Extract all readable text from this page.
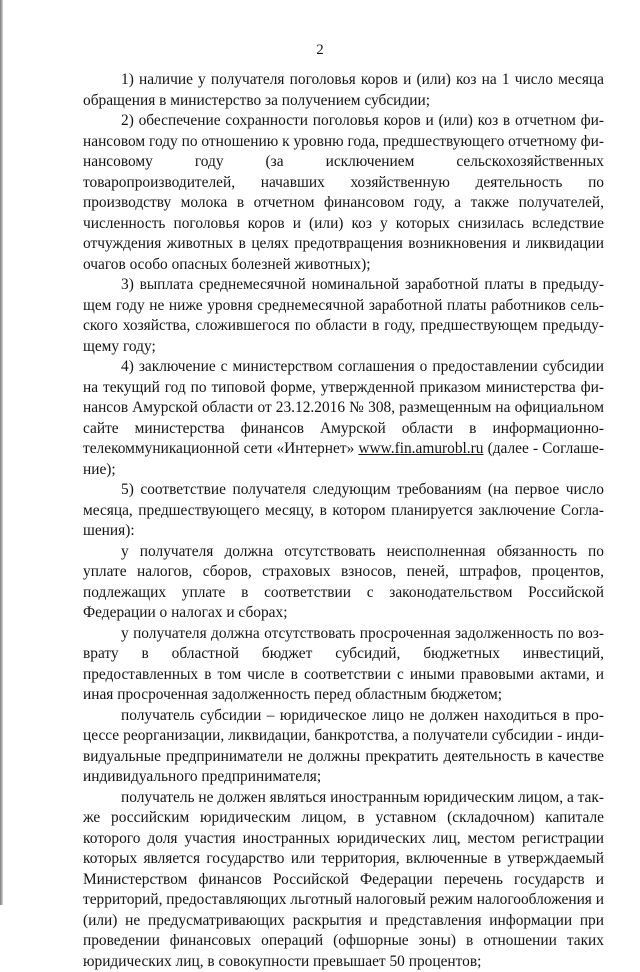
2

1) наличие у получателя поголовья коров и (или) коз на 1 число месяца обращения в министерство за получением субсидии;

2) обеспечение сохранности поголовья коров и (или) коз в отчетном финансовом году по отношению к уровню года, предшествующего отчетному финансовому году (за исключением сельскохозяйственных товаропроизводителей, начавших хозяйственную деятельность по производству молока в отчетном финансовом году, а также получателей, численность поголовья коров и (или) коз у которых снизилась вследствие отчуждения животных в целях предотвращения возникновения и ликвидации очагов особо опасных болезней животных);

3) выплата среднемесячной номинальной заработной платы в предыдущем году не ниже уровня среднемесячной заработной платы работников сельского хозяйства, сложившегося по области в году, предшествующем предыдущему году;

4) заключение с министерством соглашения о предоставлении субсидии на текущий год по типовой форме, утвержденной приказом министерства финансов Амурской области от 23.12.2016 № 308, размещенным на официальном сайте министерства финансов Амурской области в информационно-телекоммуникационной сети «Интернет» www.fin.amurobl.ru (далее - Соглашение);

5) соответствие получателя следующим требованиям (на первое число месяца, предшествующего месяцу, в котором планируется заключение Соглашения):

у получателя должна отсутствовать неисполненная обязанность по уплате налогов, сборов, страховых взносов, пеней, штрафов, процентов, подлежащих уплате в соответствии с законодательством Российской Федерации о налогах и сборах;

у получателя должна отсутствовать просроченная задолженность по возврату в областной бюджет субсидий, бюджетных инвестиций, предоставленных в том числе в соответствии с иными правовыми актами, и иная просроченная задолженность перед областным бюджетом;

получатель субсидии – юридическое лицо не должен находиться в процессе реорганизации, ликвидации, банкротства, а получатели субсидии - индивидуальные предприниматели не должны прекратить деятельность в качестве индивидуального предпринимателя;

получатель не должен являться иностранным юридическим лицом, а также российским юридическим лицом, в уставном (складочном) капитале которого доля участия иностранных юридических лиц, местом регистрации которых является государство или территория, включенные в утверждаемый Министерством финансов Российской Федерации перечень государств и территорий, предоставляющих льготный налоговый режим налогообложения и (или) не предусматривающих раскрытия и представления информации при проведении финансовых операций (офшорные зоны) в отношении таких юридических лиц, в совокупности превышает 50 процентов;
